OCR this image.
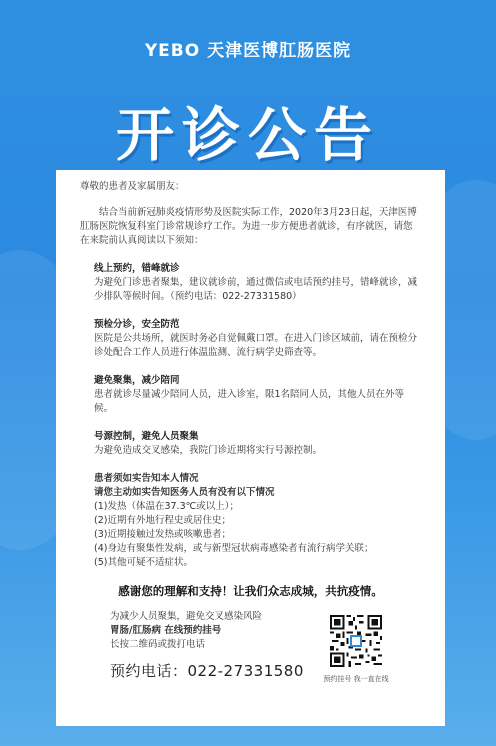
YEBO 天津医博肛肠医院
开诊公告
尊敬的患者及家属朋友：
结合当前新冠肺炎疫情形势及医院实际工作，2020年3月23日起，天津医博肛肠医院恢复科室门诊常规诊疗工作。为进一步方便患者就诊，有序就医，请您在来院前认真阅读以下须知：
线上预约，错峰就诊
为避免门诊患者聚集，建议就诊前，通过微信或电话预约挂号，错峰就诊，减少排队等候时间。（预约电话：022-27331580）
预检分诊，安全防范
医院是公共场所，就医时务必自觉佩戴口罩。在进入门诊区域前，请在预检分诊处配合工作人员进行体温监测、流行病学史筛查等。
避免聚集，减少陪同
患者就诊尽量减少陪同人员，进入诊室，限1名陪同人员，其他人员在外等候。
号源控制，避免人员聚集
为避免造成交叉感染，我院门诊近期将实行号源控制。
患者须如实告知本人情况
请您主动如实告知医务人员有没有以下情况
(1)发热（体温在37.3℃或以上）；
(2)近期有外地行程史或居住史；
(3)近期接触过发热或咳嗽患者；
(4)身边有聚集性发病，或与新型冠状病毒感染者有流行病学关联；
(5)其他可疑不适症状。
感谢您的理解和支持！让我们众志成城，共抗疫情。
为减少人员聚集，避免交叉感染风险
胃肠/肛肠病 在线预约挂号
长按二维码或拨打电话
预约电话：022-27331580	预约挂号 我一直在线
